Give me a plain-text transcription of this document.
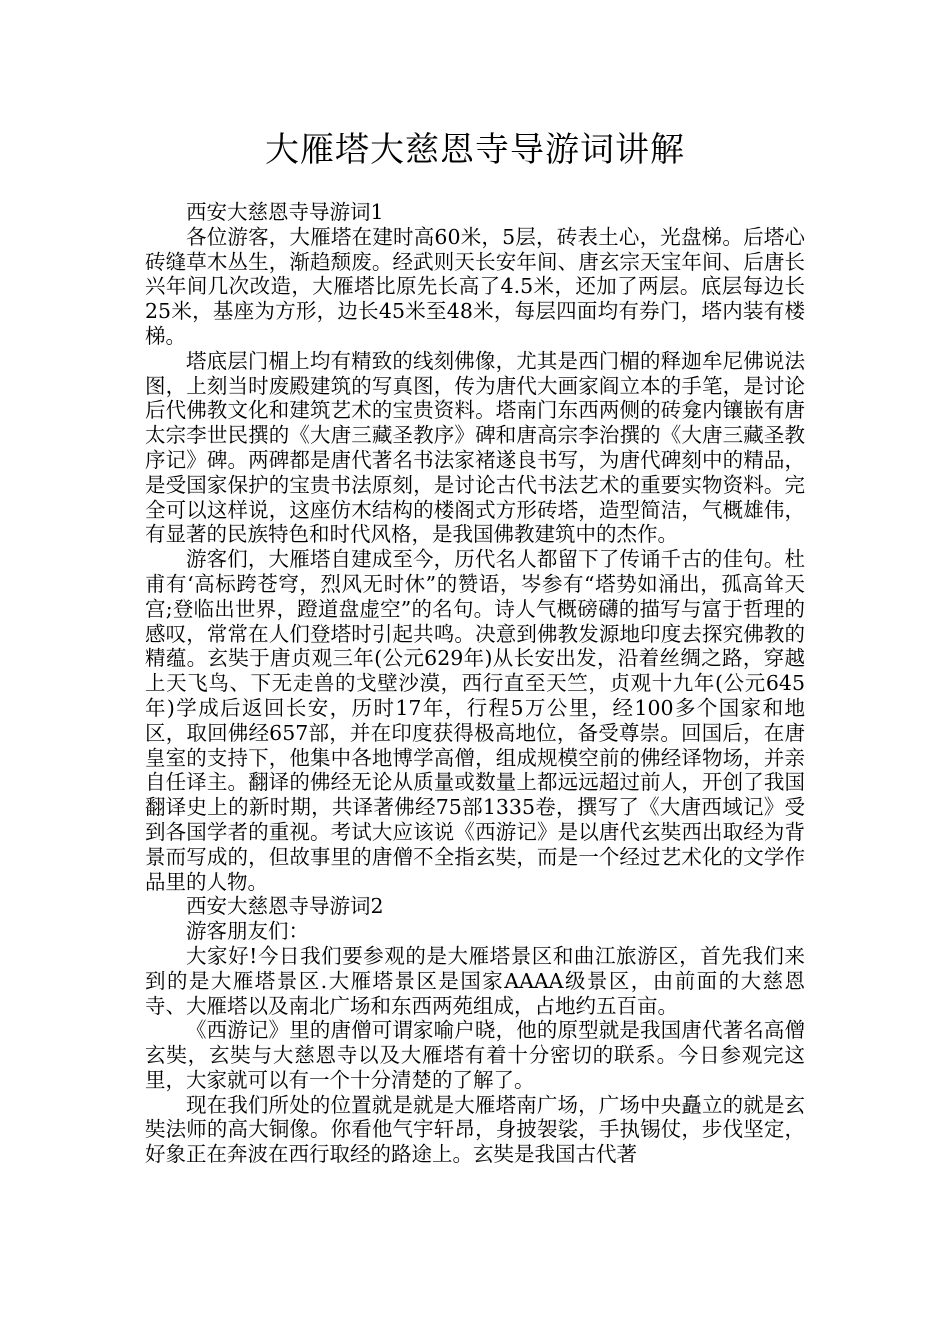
大雁塔大慈恩寺导游词讲解

西安大慈恩寺导游词1

各位游客，大雁塔在建时高60米，5层，砖表土心，光盘梯。后塔心砖缝草木丛生，渐趋颓废。经武则天长安年间、唐玄宗天宝年间、后唐长兴年间几次改造，大雁塔比原先长高了4.5米，还加了两层。底层每边长25米，基座为方形，边长45米至48米，每层四面均有券门，塔内装有楼梯。

塔底层门楣上均有精致的线刻佛像，尤其是西门楣的释迦牟尼佛说法图，上刻当时废殿建筑的写真图，传为唐代大画家阎立本的手笔，是讨论后代佛教文化和建筑艺术的宝贵资料。塔南门东西两侧的砖龛内镶嵌有唐太宗李世民撰的《大唐三藏圣教序》碑和唐高宗李治撰的《大唐三藏圣教序记》碑。两碑都是唐代著名书法家褚遂良书写，为唐代碑刻中的精品，是受国家保护的宝贵书法原刻，是讨论古代书法艺术的重要实物资料。完全可以这样说，这座仿木结构的楼阁式方形砖塔，造型简洁，气概雄伟，有显著的民族特色和时代风格，是我国佛教建筑中的杰作。

游客们，大雁塔自建成至今，历代名人都留下了传诵千古的佳句。杜甫有‘高标跨苍穹，烈风无时休”的赞语，岑参有“塔势如涌出，孤高耸天宫;登临出世界，蹬道盘虚空”的名句。诗人气概磅礴的描写与富于哲理的感叹，常常在人们登塔时引起共鸣。决意到佛教发源地印度去探究佛教的精蕴。玄奘于唐贞观三年(公元629年)从长安出发，沿着丝绸之路，穿越上天飞鸟、下无走兽的戈壁沙漠，西行直至天竺，贞观十九年(公元645年)学成后返回长安，历时17年，行程5万公里，经100多个国家和地区，取回佛经657部，并在印度获得极高地位，备受尊崇。回国后，在唐皇室的支持下，他集中各地博学高僧，组成规模空前的佛经译物场，并亲自任译主。翻译的佛经无论从质量或数量上都远远超过前人，开创了我国翻译史上的新时期，共译著佛经75部1335卷，撰写了《大唐西域记》受到各国学者的重视。考试大应该说《西游记》是以唐代玄奘西出取经为背景而写成的，但故事里的唐僧不全指玄奘，而是一个经过艺术化的文学作品里的人物。

西安大慈恩寺导游词2

游客朋友们：

大家好!今日我们要参观的是大雁塔景区和曲江旅游区，首先我们来到的是大雁塔景区.大雁塔景区是国家AAAA级景区，由前面的大慈恩寺、大雁塔以及南北广场和东西两苑组成，占地约五百亩。

《西游记》里的唐僧可谓家喻户晓，他的原型就是我国唐代著名高僧玄奘，玄奘与大慈恩寺以及大雁塔有着十分密切的联系。今日参观完这里，大家就可以有一个十分清楚的了解了。

现在我们所处的位置就是就是大雁塔南广场，广场中央矗立的就是玄奘法师的高大铜像。你看他气宇轩昂，身披袈裟，手执锡仗，步伐坚定，好象正在奔波在西行取经的路途上。玄奘是我国古代著
